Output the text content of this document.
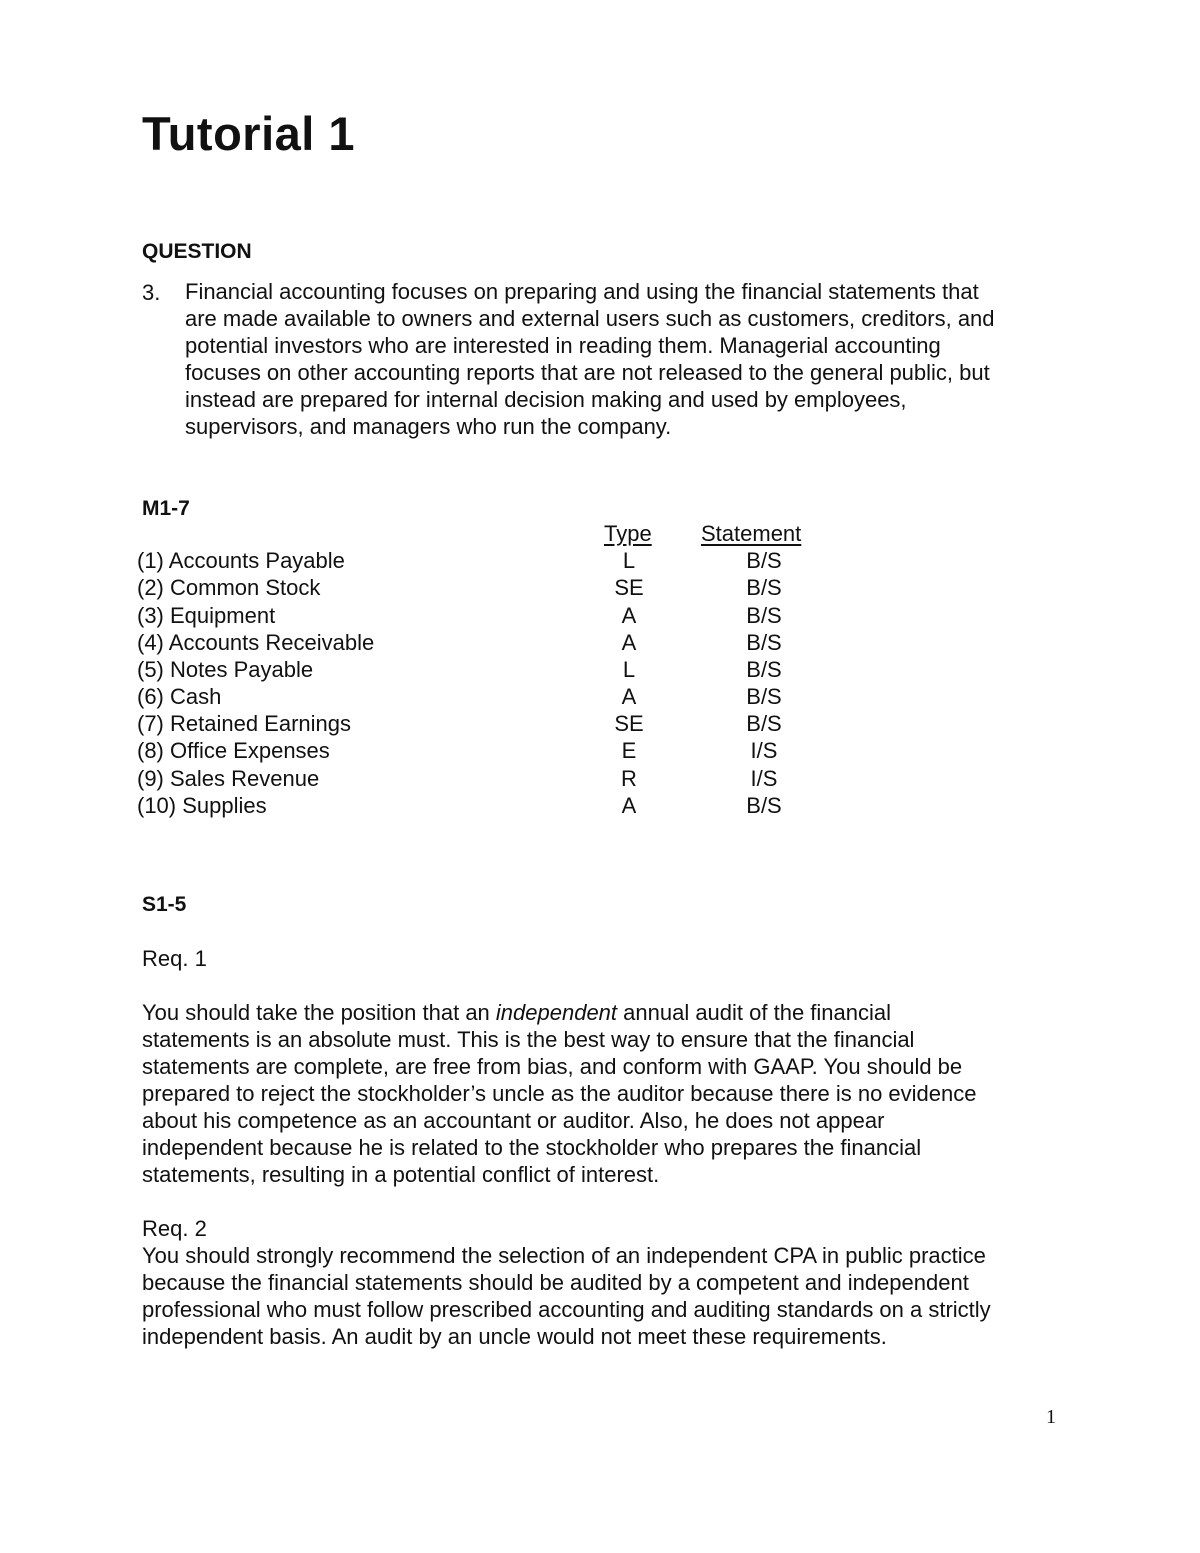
Tutorial 1
QUESTION
3. Financial accounting focuses on preparing and using the financial statements that
are made available to owners and external users such as customers, creditors, and
potential investors who are interested in reading them. Managerial accounting
focuses on other accounting reports that are not released to the general public, but
instead are prepared for internal decision making and used by employees,
supervisors, and managers who run the company.
M1-7
Type Statement
(1) Accounts Payable	L	B/S
(2) Common Stock	SE	B/S
(3) Equipment	A	B/S
(4) Accounts Receivable	A	B/S
(5) Notes Payable	L	B/S
(6) Cash	A	B/S
(7) Retained Earnings	SE	B/S
(8) Office Expenses	E	I/S
(9) Sales Revenue	R	I/S
(10) Supplies	A	B/S
S1-5
Req. 1
You should take the position that an independent annual audit of the financial
statements is an absolute must. This is the best way to ensure that the financial
statements are complete, are free from bias, and conform with GAAP. You should be
prepared to reject the stockholder’s uncle as the auditor because there is no evidence
about his competence as an accountant or auditor. Also, he does not appear
independent because he is related to the stockholder who prepares the financial
statements, resulting in a potential conflict of interest.
Req. 2
You should strongly recommend the selection of an independent CPA in public practice
because the financial statements should be audited by a competent and independent
professional who must follow prescribed accounting and auditing standards on a strictly
independent basis. An audit by an uncle would not meet these requirements.
1
